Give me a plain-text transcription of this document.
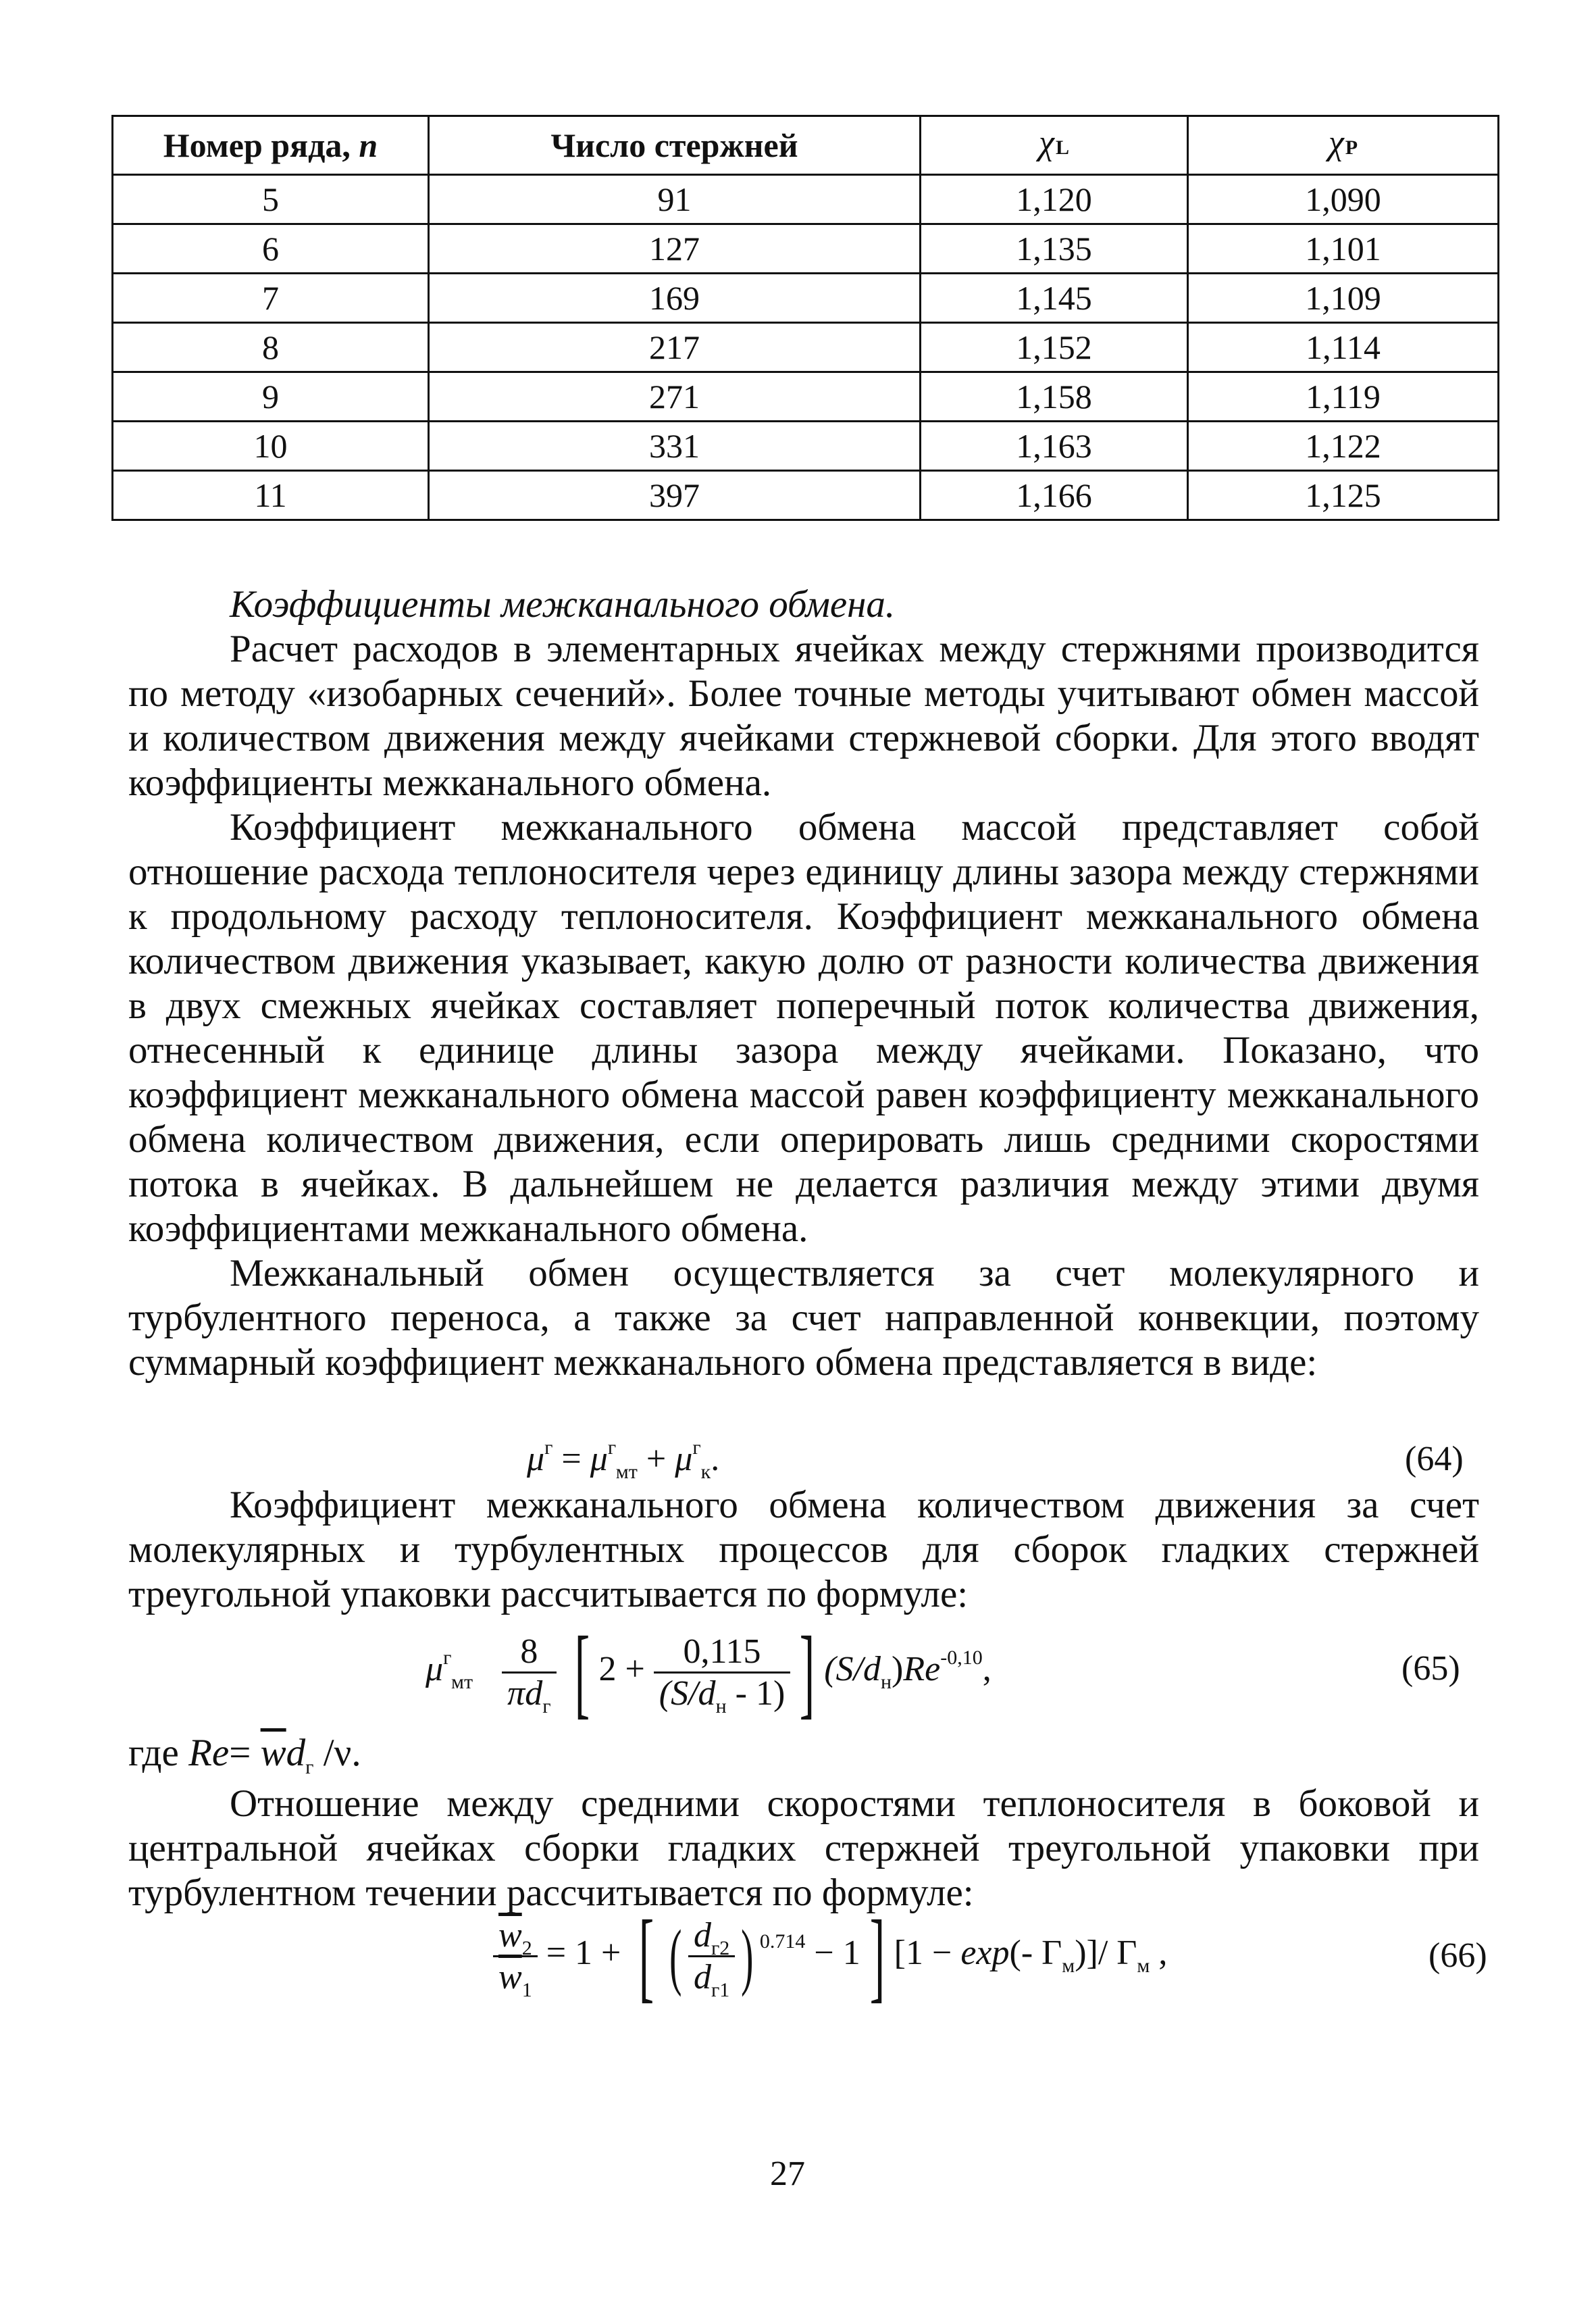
Номер ряда, n	Число стержней	χL	χP
5	91	1,120	1,090
6	127	1,135	1,101
7	169	1,145	1,109
8	217	1,152	1,114
9	271	1,158	1,119
10	331	1,163	1,122
11	397	1,166	1,125

Коэффициенты межканального обмена.

Расчет расходов в элементарных ячейках между стержнями производится по методу «изобарных сечений». Более точные методы учитывают обмен массой и количеством движения между ячейками стержневой сборки. Для этого вводят коэффициенты межканального обмена.

Коэффициент межканального обмена массой представляет собой отношение расхода теплоносителя через единицу длины зазора между стержнями к продольному расходу теплоносителя. Коэффициент межканального обмена количеством движения указывает, какую долю от разности количества движения в двух смежных ячейках составляет поперечный поток количества движения, отнесенный к единице длины зазора между ячейками. Показано, что коэффициент межканального обмена массой равен коэффициенту межканального обмена количеством движения, если оперировать лишь средними скоростями потока в ячейках. В дальнейшем не делается различия между этими двумя коэффициентами межканального обмена.

Межканальный обмен осуществляется за счет молекулярного и турбулентного переноса, а также за счет направленной конвекции, поэтому суммарный коэффициент межканального обмена представляется в виде:

$\mu^г = \mu^г_{мт} + \mu^г_к$.	(64)

Коэффициент межканального обмена количеством движения за счет молекулярных и турбулентных процессов для сборок гладких стержней треугольной упаковки рассчитывается по формуле:

$\mu^г_{мт} \frac{8}{\pi d_г}$ [ $2 + \frac{0,115}{(S/d_н - 1)}$ ] $(S/d_н)Re^{-0,10}$,	(65)

где $Re= \overline{w}d_г$ /ν.

Отношение между средними скоростями теплоносителя в боковой и центральной ячейках сборки гладких стержней треугольной упаковки при турбулентном течении рассчитывается по формуле:

$\frac{\overline{w}_2}{\overline{w}_1} = 1$ + [ ( $\frac{d_{г2}}{d_{г1}}$ ) $^{0.714}$ − 1] [1 − exp(- $Г_м)]/$ $Г_м$ ,	(66)
27
